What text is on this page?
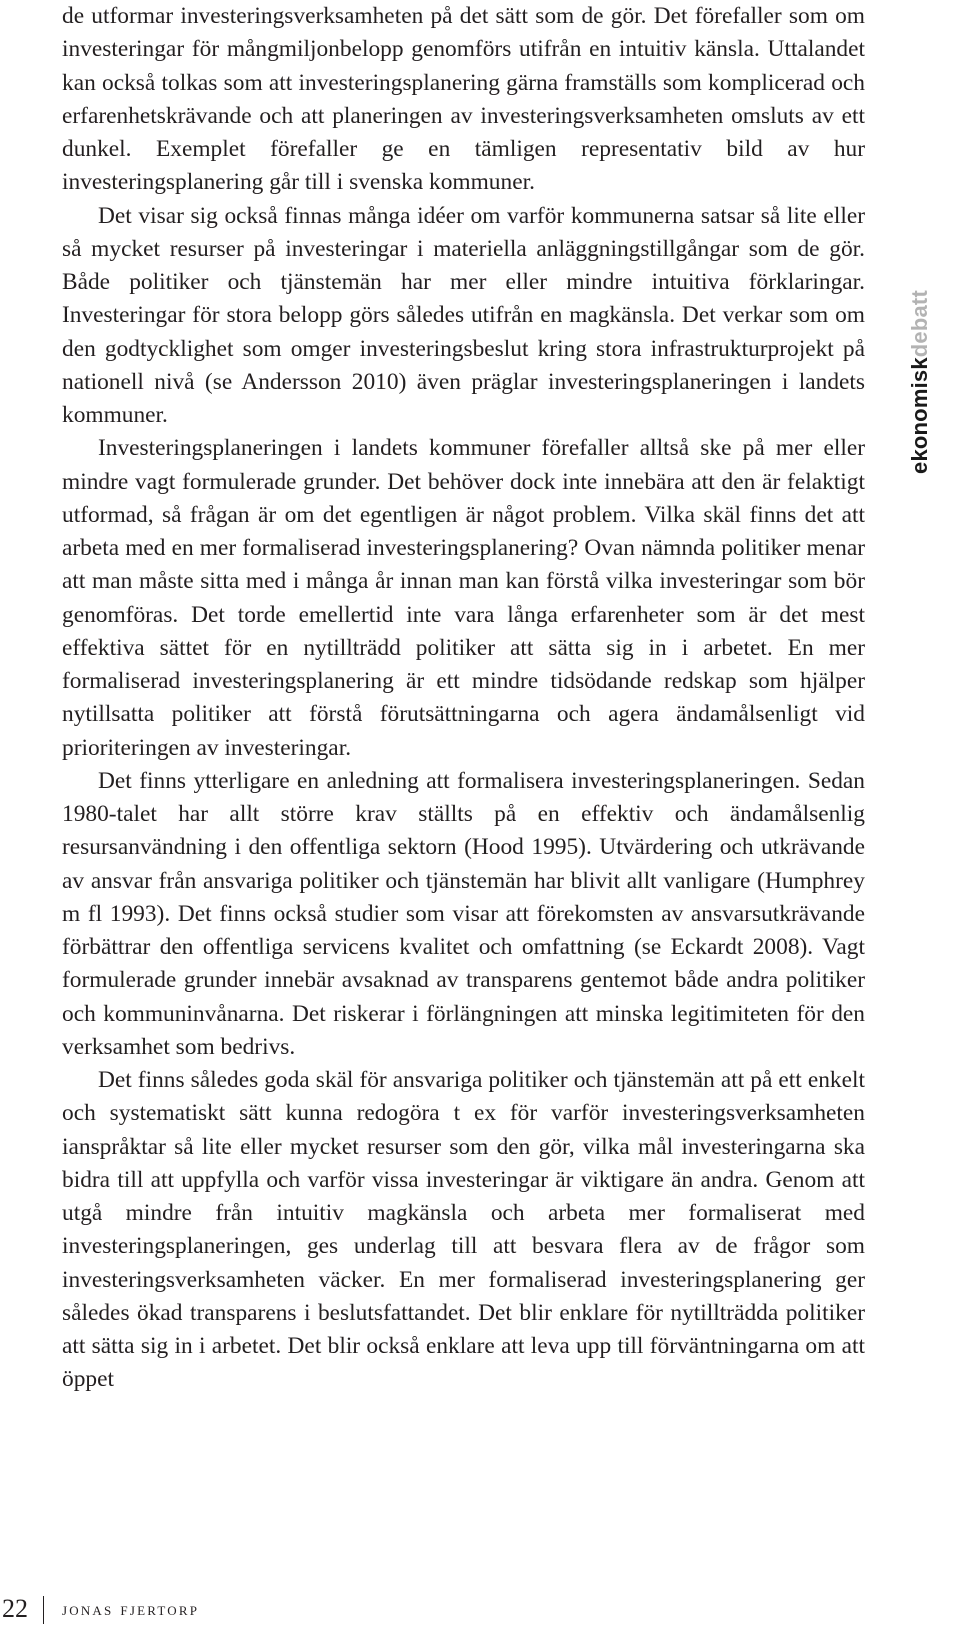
de utformar investeringsverksamheten på det sätt som de gör. Det förefaller som om investeringar för mångmiljonbelopp genomförs utifrån en intuitiv känsla. Uttalandet kan också tolkas som att investeringsplanering gärna framställs som komplicerad och erfarenhetskrävande och att planeringen av investeringsverksamheten omsluts av ett dunkel. Exemplet förefaller ge en tämligen representativ bild av hur investeringsplanering går till i svenska kommuner.

Det visar sig också finnas många idéer om varför kommunerna satsar så lite eller så mycket resurser på investeringar i materiella anläggningstillgångar som de gör. Både politiker och tjänstemän har mer eller mindre intuitiva förklaringar. Investeringar för stora belopp görs således utifrån en magkänsla. Det verkar som om den godtycklighet som omger investeringsbeslut kring stora infrastrukturprojekt på nationell nivå (se Andersson 2010) även präglar investeringsplaneringen i landets kommuner.

Investeringsplaneringen i landets kommuner förefaller alltså ske på mer eller mindre vagt formulerade grunder. Det behöver dock inte innebära att den är felaktigt utformad, så frågan är om det egentligen är något problem. Vilka skäl finns det att arbeta med en mer formaliserad investeringsplanering? Ovan nämnda politiker menar att man måste sitta med i många år innan man kan förstå vilka investeringar som bör genomföras. Det torde emellertid inte vara långa erfarenheter som är det mest effektiva sättet för en nytillträdd politiker att sätta sig in i arbetet. En mer formaliserad investeringsplanering är ett mindre tidsödande redskap som hjälper nytillsatta politiker att förstå förutsättningarna och agera ändamålsenligt vid prioriteringen av investeringar.

Det finns ytterligare en anledning att formalisera investeringsplaneringen. Sedan 1980-talet har allt större krav ställts på en effektiv och ändamålsenlig resursanvändning i den offentliga sektorn (Hood 1995). Utvärdering och utkrävande av ansvar från ansvariga politiker och tjänstemän har blivit allt vanligare (Humphrey m fl 1993). Det finns också studier som visar att förekomsten av ansvarsutkrävande förbättrar den offentliga servicens kvalitet och omfattning (se Eckardt 2008). Vagt formulerade grunder innebär avsaknad av transparens gentemot både andra politiker och kommuninvånarna. Det riskerar i förlängningen att minska legitimiteten för den verksamhet som bedrivs.

Det finns således goda skäl för ansvariga politiker och tjänstemän att på ett enkelt och systematiskt sätt kunna redogöra t ex för varför investeringsverksamheten ianspråktar så lite eller mycket resurser som den gör, vilka mål investeringarna ska bidra till att uppfylla och varför vissa investeringar är viktigare än andra. Genom att utgå mindre från intuitiv magkänsla och arbeta mer formaliserat med investeringsplaneringen, ges underlag till att besvara flera av de frågor som investeringsverksamheten väcker. En mer formaliserad investeringsplanering ger således ökad transparens i beslutsfattandet. Det blir enklare för nytillträdda politiker att sätta sig in i arbetet. Det blir också enklare att leva upp till förväntningarna om att öppet

ekonomiskdebatt
22 jonas fjertorp
